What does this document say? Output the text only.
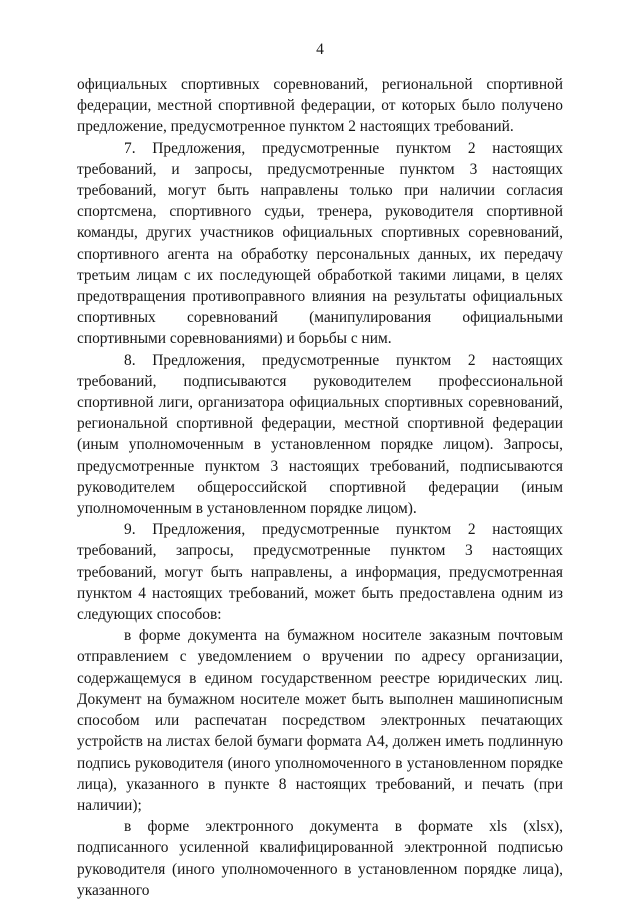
4

официальных спортивных соревнований, региональной спортивной федерации, местной спортивной федерации, от которых было получено предложение, предусмотренное пунктом 2 настоящих требований.

7. Предложения, предусмотренные пунктом 2 настоящих требований, и запросы, предусмотренные пунктом 3 настоящих требований, могут быть направлены только при наличии согласия спортсмена, спортивного судьи, тренера, руководителя спортивной команды, других участников официальных спортивных соревнований, спортивного агента на обработку персональных данных, их передачу третьим лицам с их последующей обработкой такими лицами, в целях предотвращения противоправного влияния на результаты официальных спортивных соревнований (манипулирования официальными спортивными соревнованиями) и борьбы с ним.

8. Предложения, предусмотренные пунктом 2 настоящих требований, подписываются руководителем профессиональной спортивной лиги, организатора официальных спортивных соревнований, региональной спортивной федерации, местной спортивной федерации (иным уполномоченным в установленном порядке лицом). Запросы, предусмотренные пунктом 3 настоящих требований, подписываются руководителем общероссийской спортивной федерации (иным уполномоченным в установленном порядке лицом).

9. Предложения, предусмотренные пунктом 2 настоящих требований, запросы, предусмотренные пунктом 3 настоящих требований, могут быть направлены, а информация, предусмотренная пунктом 4 настоящих требований, может быть предоставлена одним из следующих способов:

в форме документа на бумажном носителе заказным почтовым отправлением с уведомлением о вручении по адресу организации, содержащемуся в едином государственном реестре юридических лиц. Документ на бумажном носителе может быть выполнен машинописным способом или распечатан посредством электронных печатающих устройств на листах белой бумаги формата А4, должен иметь подлинную подпись руководителя (иного уполномоченного в установленном порядке лица), указанного в пункте 8 настоящих требований, и печать (при наличии);

в форме электронного документа в формате xls (xlsx), подписанного усиленной квалифицированной электронной подписью руководителя (иного уполномоченного в установленном порядке лица), указанного
